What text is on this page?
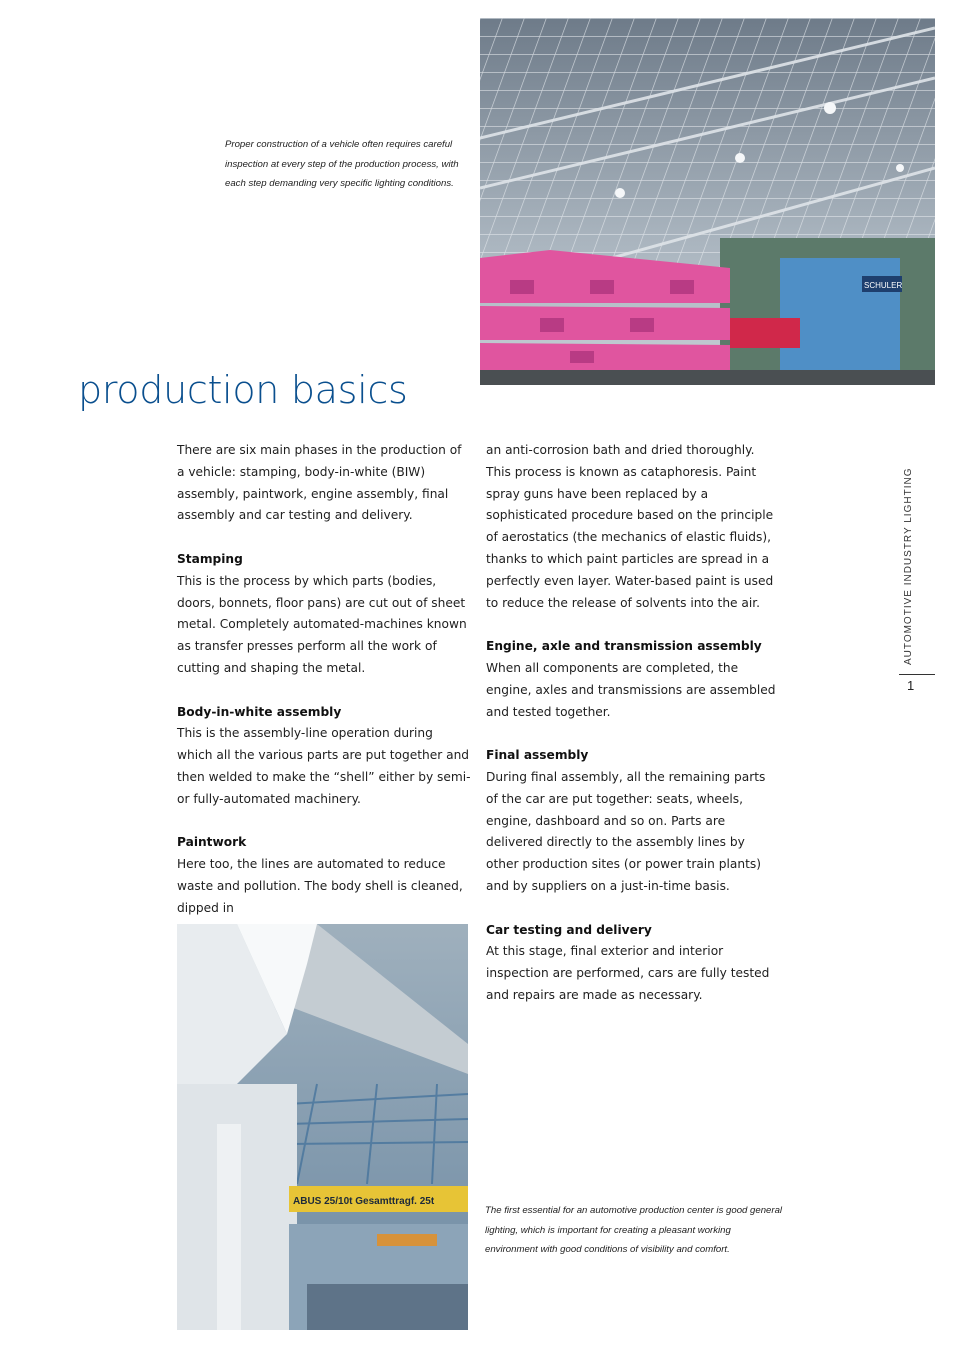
Proper construction of a vehicle often requires careful inspection at every step of the production process, with each step demanding very specific lighting conditions.
SCHULER
production basics

There are six main phases in the production of a vehicle: stamping, body-in-white (BIW) assembly, paintwork, engine assembly, final assembly and car testing and delivery.

Stamping
This is the process by which parts (bodies, doors, bonnets, floor pans) are cut out of sheet metal. Completely automated-machines known as transfer presses perform all the work of cutting and shaping the metal.
Body-in-white assembly
This is the assembly-line operation during which all the various parts are put together and then welded to make the “shell” either by semi- or fully-automated machinery.
Paintwork
Here too, the lines are automated to reduce waste and pollution. The body shell is cleaned, dipped in

an anti-corrosion bath and dried thoroughly. This process is known as cataphoresis. Paint spray guns have been replaced by a sophisticated procedure based on the principle of aerostatics (the mechanics of elastic fluids), thanks to which paint particles are spread in a perfectly even layer. Water-based paint is used to reduce the release of solvents into the air.

Engine, axle and transmission assembly
When all components are completed, the engine, axles and transmissions are assembled and tested together.
Final assembly
During final assembly, all the remaining parts of the car are put together: seats, wheels, engine, dashboard and so on. Parts are delivered directly to the assembly lines by other production sites (or power train plants) and by suppliers on a just-in-time basis.
Car testing and delivery
At this stage, final exterior and interior inspection are performed, cars are fully tested and repairs are made as necessary.
ABUS 25/10t Gesamttragf. 25t
The first essential for an automotive production center is good general lighting, which is important for creating a pleasant working environment with good conditions of visibility and comfort.
AUTOMOTIVE INDUSTRY LIGHTING
1
